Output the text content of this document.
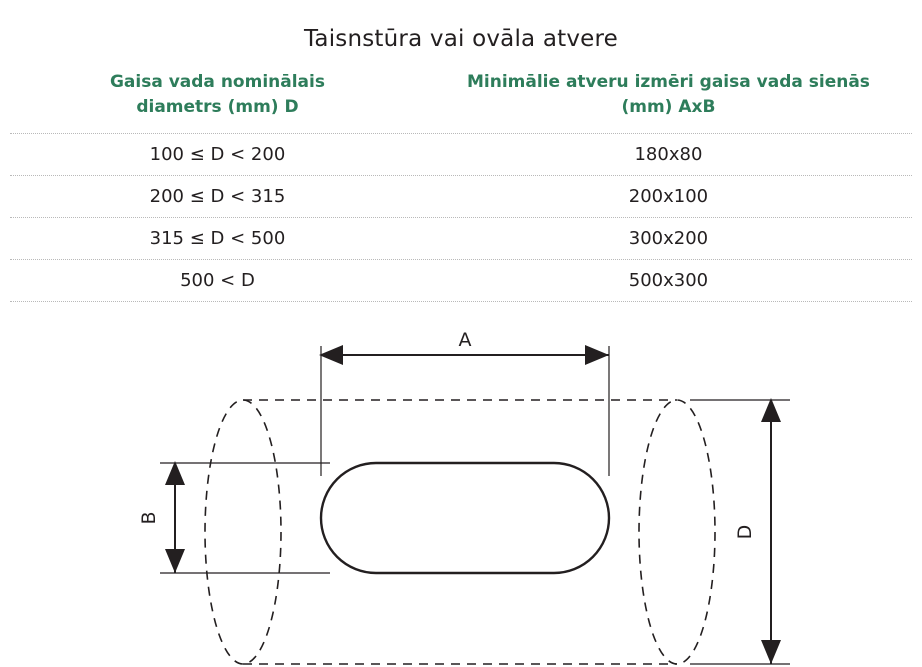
Taisnstūra vai ovāla atvere
Gaisa vada nominālais
diametrs (mm) D
Minimālie atveru izmēri gaisa vada sienās
(mm) AxB
100 ≤ D < 200	180x80
200 ≤ D < 315	200x100
315 ≤ D < 500	300x200
500 < D	500x300
A
B
D
